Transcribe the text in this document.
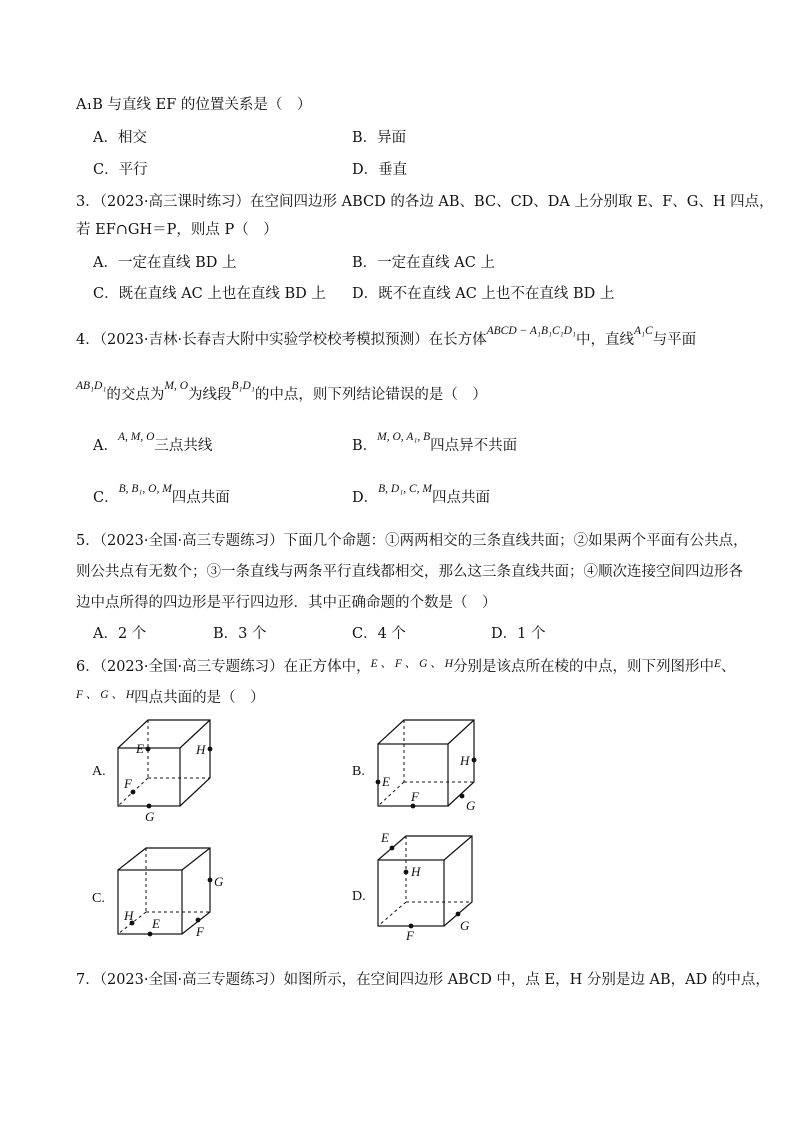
A₁B 与直线 EF 的位置关系是（　）
A．相交	B．异面
C．平行	D．垂直
3．（2023·高三课时练习）在空间四边形 ABCD 的各边 AB、BC、CD、DA 上分别取 E、F、G、H 四点，
若 EF∩GH＝P，则点 P（　）
A．一定在直线 BD 上	B．一定在直线 AC 上
C．既在直线 AC 上也在直线 BD 上 D．既不在直线 AC 上也不在直线 BD 上
4．（2023·吉林·长春吉大附中实验学校校考模拟预测）在长方体$^{ABCD - A_1B_1C_1D_1}$中，直线$^{A_1C}$与平面
$^{AB_1D_1}$的交点为$^{M, O}$为线段$^{B_1D_1}$的中点，则下列结论错误的是（　）
A．$^{A, M, O}$三点共线	B．$^{M, O, A_1, B}$四点异不共面
C．$^{B, B_1, O, M}$四点共面	D．$^{B, D_1, C, M}$四点共面
5．（2023·全国·高三专题练习）下面几个命题：①两两相交的三条直线共面；②如果两个平面有公共点，
则公共点有无数个；③一条直线与两条平行直线都相交，那么这三条直线共面；④顺次连接空间四边形各
边中点所得的四边形是平行四边形．其中正确命题的个数是（　）
A．2 个	B．3 个	C．4 个	D．1 个
6．（2023·全国·高三专题练习）在正方体中，$^{E 、 F 、 G 、 H}$分别是该点所在棱的中点，则下列图形中$^E$、
$^{F 、 G 、 H}$四点共面的是（　）
A.
E	H
F
G
B.
H
E
F
G
C.
G
H
E
F
D.
E
H
F
G
7．（2023·全国·高三专题练习）如图所示，在空间四边形 ABCD 中，点 E，H 分别是边 AB，AD 的中点，
